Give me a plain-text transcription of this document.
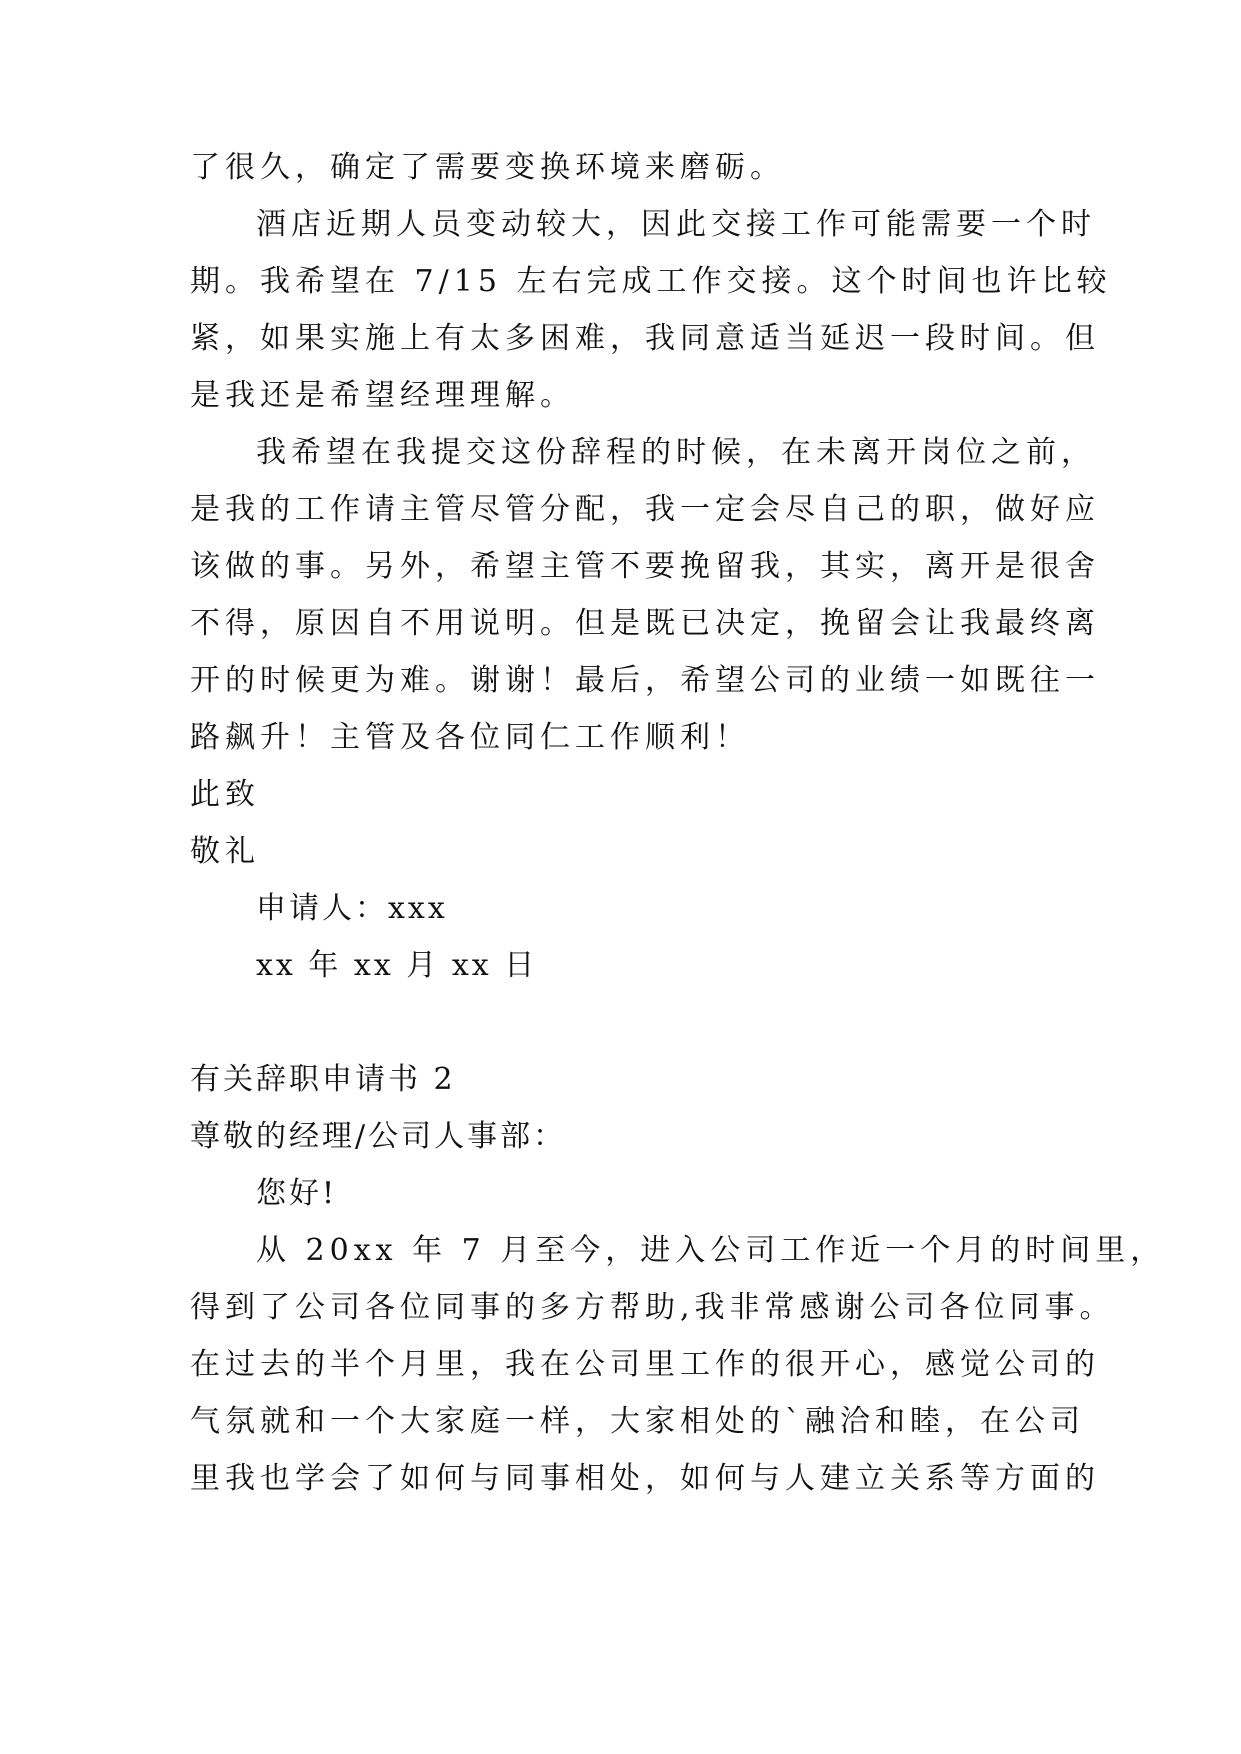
了很久，确定了需要变换环境来磨砺。
酒店近期人员变动较大，因此交接工作可能需要一个时
期。我希望在 7/15 左右完成工作交接。这个时间也许比较
紧，如果实施上有太多困难，我同意适当延迟一段时间。但
是我还是希望经理理解。
我希望在我提交这份辞程的时候，在未离开岗位之前，
是我的工作请主管尽管分配，我一定会尽自己的职，做好应
该做的事。另外，希望主管不要挽留我，其实，离开是很舍
不得，原因自不用说明。但是既已决定，挽留会让我最终离
开的时候更为难。谢谢！最后，希望公司的业绩一如既往一
路飙升！主管及各位同仁工作顺利！
此致
敬礼
申请人：xxx
xx 年 xx 月 xx 日
有关辞职申请书 2
尊敬的经理/公司人事部：
您好!
从 20xx 年 7 月至今，进入公司工作近一个月的时间里，
得到了公司各位同事的多方帮助,我非常感谢公司各位同事。
在过去的半个月里，我在公司里工作的很开心，感觉公司的
气氛就和一个大家庭一样，大家相处的`融洽和睦，在公司
里我也学会了如何与同事相处，如何与人建立关系等方面的
